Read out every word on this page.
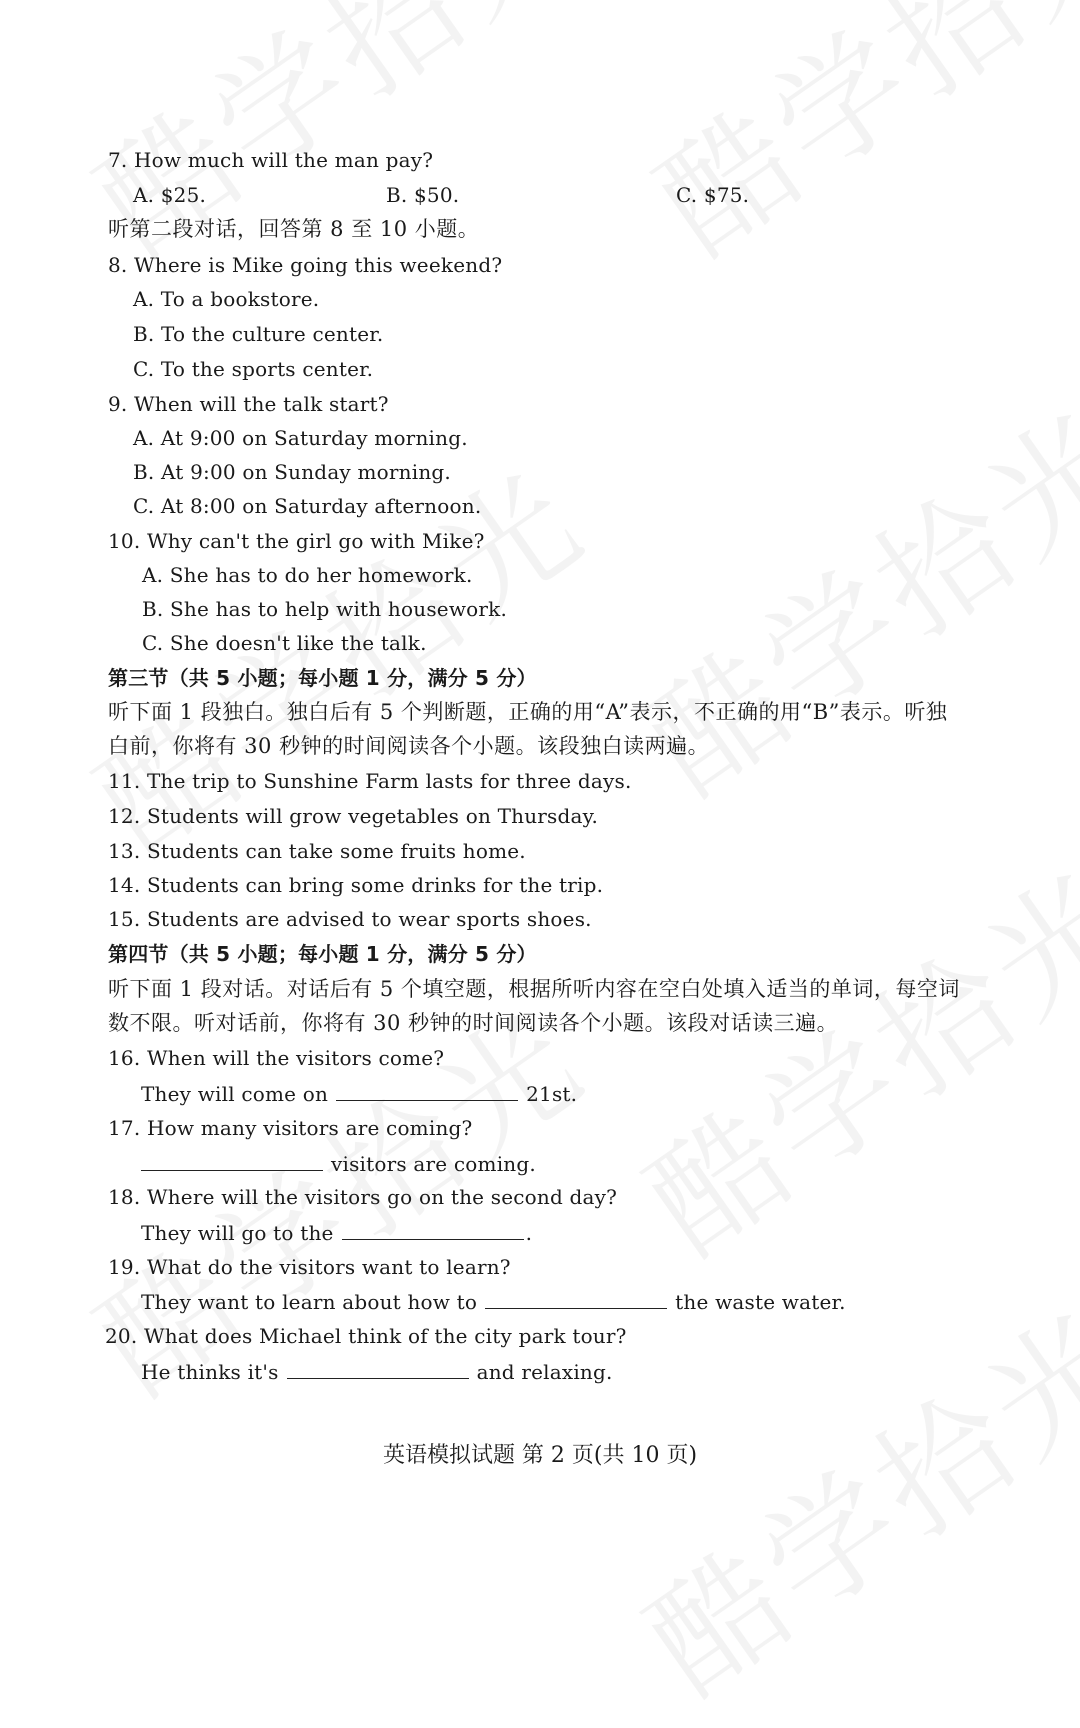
7. How much will the man pay?
A. $25.	B. $50.	C. $75.
听第二段对话，回答第 8 至 10 小题。
8. Where is Mike going this weekend?
A. To a bookstore.
B. To the culture center.
C. To the sports center.
9. When will the talk start?
A. At 9:00 on Saturday morning.
B. At 9:00 on Sunday morning.
C. At 8:00 on Saturday afternoon.
10. Why can't the girl go with Mike?
A. She has to do her homework.
B. She has to help with housework.
C. She doesn't like the talk.
第三节（共 5 小题；每小题 1 分，满分 5 分）
听下面 1 段独白。独白后有 5 个判断题，正确的用“A”表示，不正确的用“B”表示。听独
白前，你将有 30 秒钟的时间阅读各个小题。该段独白读两遍。
11. The trip to Sunshine Farm lasts for three days.
12. Students will grow vegetables on Thursday.
13. Students can take some fruits home.
14. Students can bring some drinks for the trip.
15. Students are advised to wear sports shoes.
第四节（共 5 小题；每小题 1 分，满分 5 分）
听下面 1 段对话。对话后有 5 个填空题，根据所听内容在空白处填入适当的单词，每空词
数不限。听对话前，你将有 30 秒钟的时间阅读各个小题。该段对话读三遍。
16. When will the visitors come?
They will come on	21st.
17. How many visitors are coming?
visitors are coming.
18. Where will the visitors go on the second day?
They will go to the	.
19. What do the visitors want to learn?
They want to learn about how to	the waste water.
20. What does Michael think of the city park tour?
He thinks it's	and relaxing.
英语模拟试题 第 2 页(共 10 页)
